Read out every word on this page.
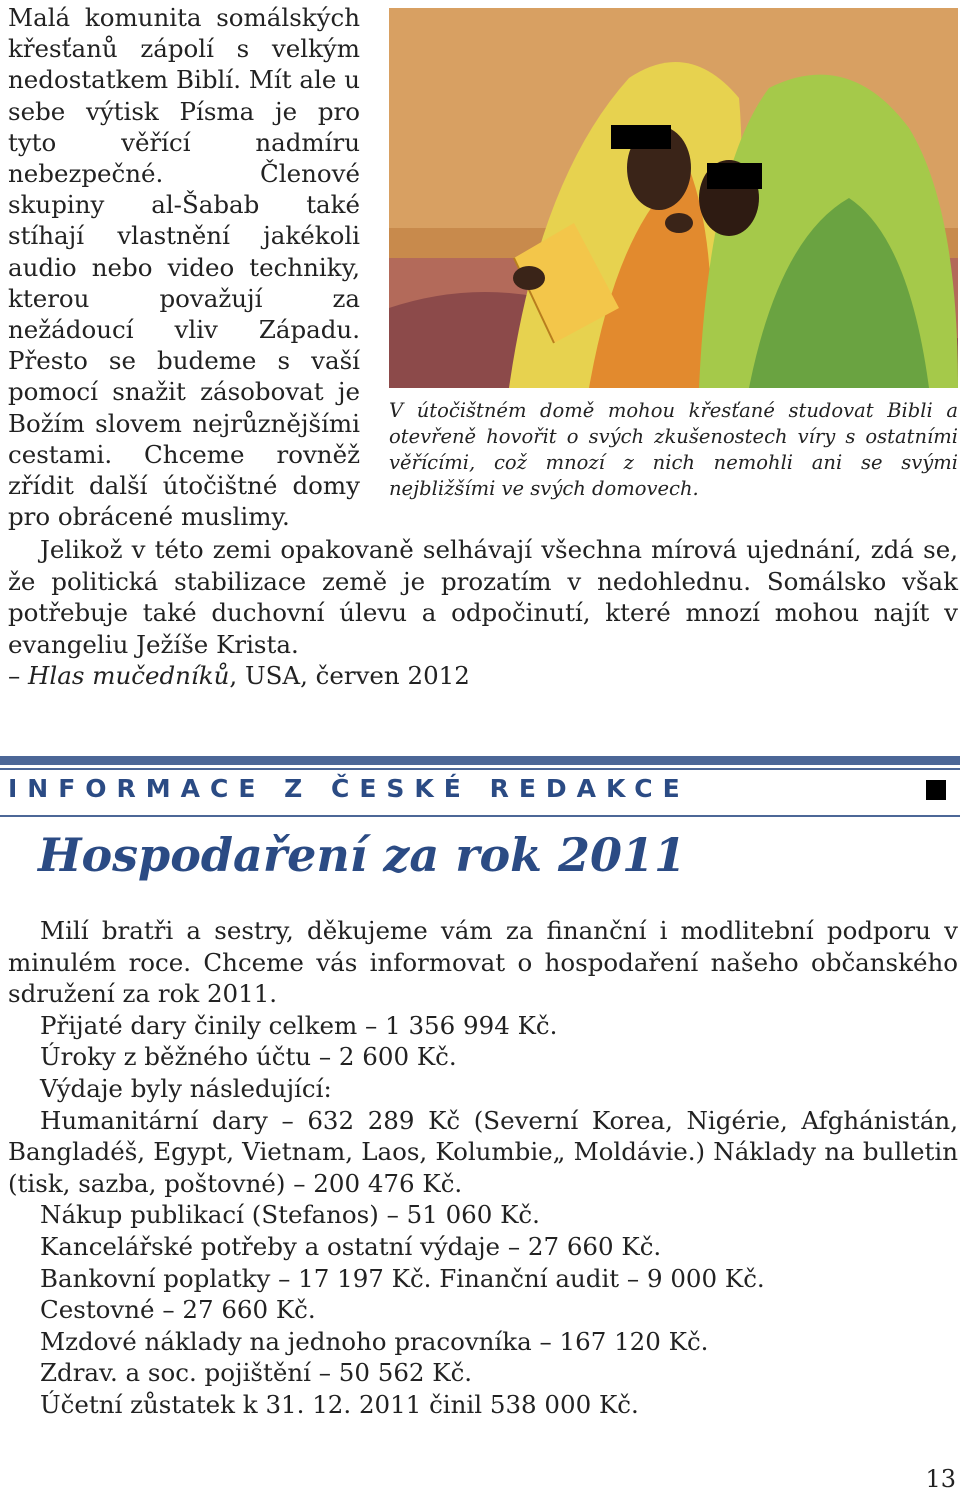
Malá komunita somálských křesťanů zápolí s velkým nedostatkem Biblí. Mít ale u sebe výtisk Písma je pro tyto věřící nadmíru nebezpečné. Členové skupiny al-Šabab také stíhají vlastnění jakékoli audio nebo video techniky, kterou považují za nežádoucí vliv Západu. Přesto se budeme s vaší pomocí snažit zásobovat je Božím slovem nejrůznějšími cestami. Chceme rovněž zřídit další útočištné domy pro obrácené muslimy.

V útočištném domě mohou křesťané studovat Bibli a otevřeně hovořit o svých zkušenostech víry s ostatními věřícími, což mnozí z nich nemohli ani se svými nejbližšími ve svých domovech.

Jelikož v této zemi opakovaně selhávají všechna mírová ujednání, zdá se, že politická stabilizace země je prozatím v nedohlednu. Somálsko však potřebuje také duchovní úlevu a odpočinutí, které mnozí mohou najít v evangeliu Ježíše Krista.

– Hlas mučedníků, USA, červen 2012

INFORMACE Z ČESKÉ REDAKCE
Hospodaření za rok 2011

Milí bratři a sestry, děkujeme vám za finanční i modlitební podporu v minulém roce. Chceme vás informovat o hospodaření našeho občanského sdružení za rok 2011.

Přijaté dary činily celkem – 1 356 994 Kč.

Úroky z běžného účtu – 2 600 Kč.

Výdaje byly následující:

Humanitární dary – 632 289 Kč (Severní Korea, Nigérie, Afghánistán, Bangladéš, Egypt, Vietnam, Laos, Kolumbie„ Moldávie.) Náklady na bulletin (tisk, sazba, poštovné) – 200 476 Kč.

Nákup publikací (Stefanos) – 51 060 Kč.

Kancelářské potřeby a ostatní výdaje – 27 660 Kč.

Bankovní poplatky – 17 197 Kč. Finanční audit – 9 000 Kč.

Cestovné – 27 660 Kč.

Mzdové náklady na jednoho pracovníka – 167 120 Kč.

Zdrav. a soc. pojištění – 50 562 Kč.

Účetní zůstatek k 31. 12. 2011 činil 538 000 Kč.

13
